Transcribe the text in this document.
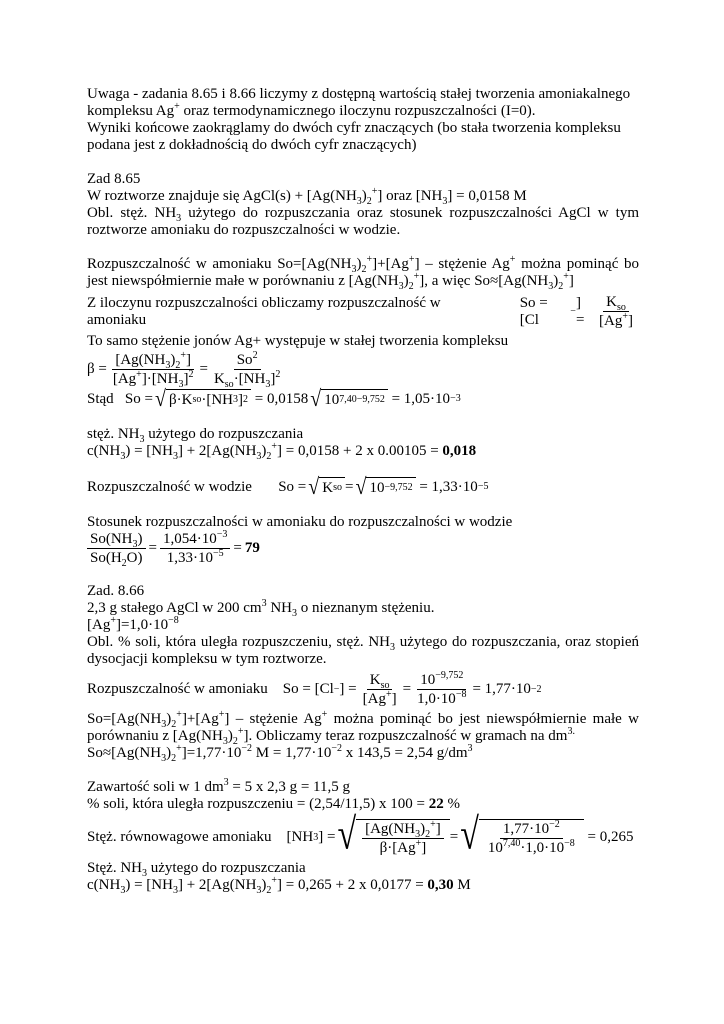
Uwaga - zadania 8.65 i 8.66 liczymy z dostępną wartością stałej tworzenia amoniakalnego

kompleksu Ag+ oraz termodynamicznego iloczynu rozpuszczalności (I=0).

Wyniki końcowe zaokrąglamy do dwóch cyfr znaczących (bo stała tworzenia kompleksu

podana jest z dokładnością do dwóch cyfr znaczących)

Zad 8.65

W roztworze znajduje się AgCl(s) + $[Ag(NH_3)_2^+]$ oraz $[NH_3] = 0,0158$ M

Obl. stęż. $NH_3$ użytego do rozpuszczania oraz stosunek rozpuszczalności AgCl w tym roztworze amoniaku do rozpuszczalności w wodzie.

Rozpuszczalność w amoniaku $So=[Ag(NH_3)_2^+]+[Ag^+]$ – stężenie Ag+ można pominąć bo jest niewspółmiernie małe w porównaniu z $[Ag(NH_3)_2^+]$, a więc $So\approx[Ag(NH_3)_2^+]$

Z iloczynu rozpuszczalności obliczamy rozpuszczalność w amoniaku
So = [Cl
−
] = $\frac{K_{so}}{[Ag^+]}$

To samo stężenie jonów Ag+ występuje w stałej tworzenia kompleksu

$\beta = \frac{[Ag(NH_3)_2^+]}{[Ag^+]\cdot[NH_3]^2} = \frac{So^2}{K_{so}\cdot[NH_3]^2}$

Stąd So = √ β·K so ·[NH 3 ] 2
= 0,0158 √ 10 7,40−9,752
= 1,05·10 −3

stęż. $NH_3$ użytego do rozpuszczania

$c(NH_3) = [NH_3] + 2[Ag(NH_3)_2^+] = 0,0158 + 2$ x 0.00105 = 0,018

Rozpuszczalność w wodzie So = √ K so = √ 10 −9,752
= 1,33·10 −5

Stosunek rozpuszczalności w amoniaku do rozpuszczalności w wodzie

$\frac{So(NH_3)}{So(H_2O)} = \frac{1,054\cdot 10^{-3}}{1,33\cdot 10^{-5}} = 79$

Zad. 8.66

2,3 g stałego AgCl w 200 $cm^3$ $NH_3$ o nieznanym stężeniu.

$[Ag^+]=1,0\cdot 10^{-8}$

Obl. % soli, która uległa rozpuszczeniu, stęż. $NH_3$ użytego do rozpuszczania, oraz stopień dysocjacji kompleksu w tym roztworze.

Rozpuszczalność w amoniaku So = [Cl − ] = $\frac{K_{so}}{[Ag^+]} = \frac{10^{-9,752}}{1,0\cdot 10^{-8}} = 1,77\cdot 10 -2$

$So=[Ag(NH_3)_2^+]+[Ag^+]$ – stężenie Ag+ można pominąć bo jest niewspółmiernie małe w porównaniu z $[Ag(NH_3)_2^+]$. Obliczamy teraz rozpuszczalność w gramach na $dm^{3.}$

$So\approx[Ag(NH_3)_2^+]=1,77\cdot 10^{-2}$ $M = 1,77\cdot 10^{-2}$ x 143,5 = 2,54 $g/dm^3$

Zawartość soli w 1 $dm^3 = 5$ x 2,3 g = 11,5 g

% soli, która uległa rozpuszczeniu = (2,54/11,5) x 100 = 22 %

Stęż. równowagowe amoniaku [NH 3 ] = √ $\frac{[Ag(NH_3)_2^+]}{\beta\cdot[Ag^+]}$ = √ $\frac{1,77\cdot 10^{-2}}{10^{7,40}\cdot 1,0\cdot 10^{-8}}$
= 0,265

Stęż. $NH_3$ użytego do rozpuszczania

$c(NH_3) = [NH_3] + 2[Ag(NH_3)_2^+] = 0,265 + 2$ x 0,0177 = 0,30 M
